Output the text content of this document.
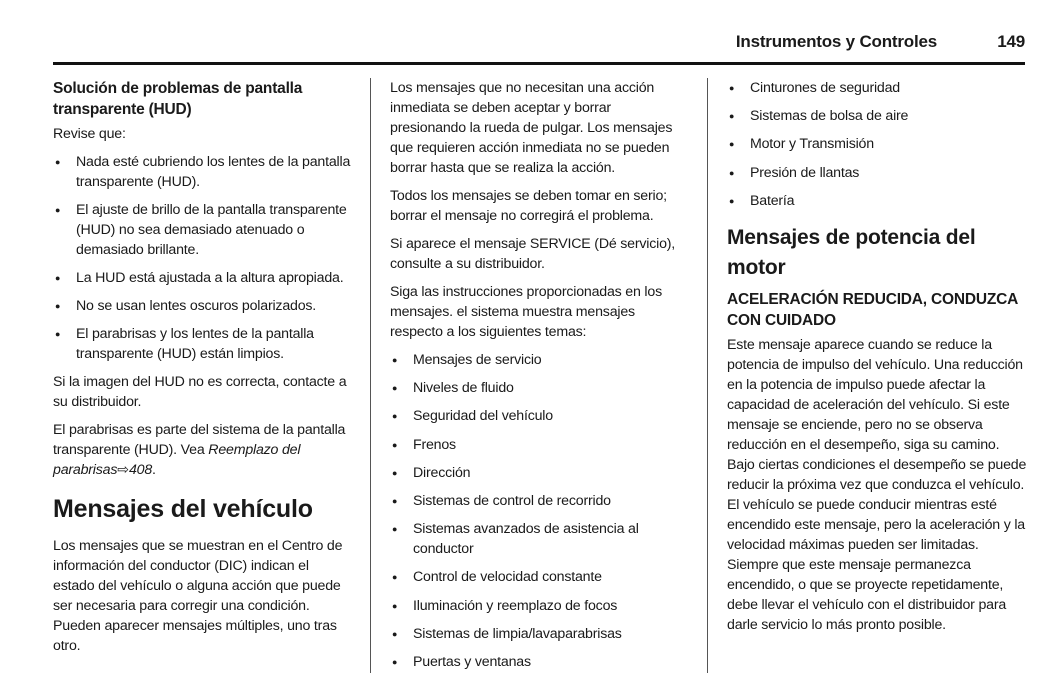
Instrumentos y Controles	149
Solución de problemas de pantalla transparente (HUD)

Revise que:

● Nada esté cubriendo los lentes de la pantalla transparente (HUD).
● El ajuste de brillo de la pantalla transparente (HUD) no sea demasiado atenuado o demasiado brillante.
● La HUD está ajustada a la altura apropiada.
● No se usan lentes oscuros polarizados.
● El parabrisas y los lentes de la pantalla transparente (HUD) están limpios.

Si la imagen del HUD no es correcta, contacte a su distribuidor.

El parabrisas es parte del sistema de la pantalla transparente (HUD). Vea Reemplazo del parabrisas⇨408.

Mensajes del vehículo

Los mensajes que se muestran en el Centro de información del conductor (DIC) indican el estado del vehículo o alguna acción que puede ser necesaria para corregir una condición. Pueden aparecer mensajes múltiples, uno tras otro.

Los mensajes que no necesitan una acción inmediata se deben aceptar y borrar presionando la rueda de pulgar. Los mensajes que requieren acción inmediata no se pueden borrar hasta que se realiza la acción.

Todos los mensajes se deben tomar en serio; borrar el mensaje no corregirá el problema.

Si aparece el mensaje SERVICE (Dé servicio), consulte a su distribuidor.

Siga las instrucciones proporcionadas en los mensajes. el sistema muestra mensajes respecto a los siguientes temas:

● Mensajes de servicio
● Niveles de fluido
● Seguridad del vehículo
● Frenos
● Dirección
● Sistemas de control de recorrido
● Sistemas avanzados de asistencia al conductor
● Control de velocidad constante
● Iluminación y reemplazo de focos
● Sistemas de limpia/lavaparabrisas
● Puertas y ventanas
● Cinturones de seguridad
● Sistemas de bolsa de aire
● Motor y Transmisión
● Presión de llantas
● Batería
Mensajes de potencia del motor
ACELERACIÓN REDUCIDA, CONDUZCA CON CUIDADO

Este mensaje aparece cuando se reduce la potencia de impulso del vehículo. Una reducción en la potencia de impulso puede afectar la capacidad de aceleración del vehículo. Si este mensaje se enciende, pero no se observa reducción en el desempeño, siga su camino. Bajo ciertas condiciones el desempeño se puede reducir la próxima vez que conduzca el vehículo. El vehículo se puede conducir mientras esté encendido este mensaje, pero la aceleración y la velocidad máximas pueden ser limitadas. Siempre que este mensaje permanezca encendido, o que se proyecte repetidamente, debe llevar el vehículo con el distribuidor para darle servicio lo más pronto posible.
